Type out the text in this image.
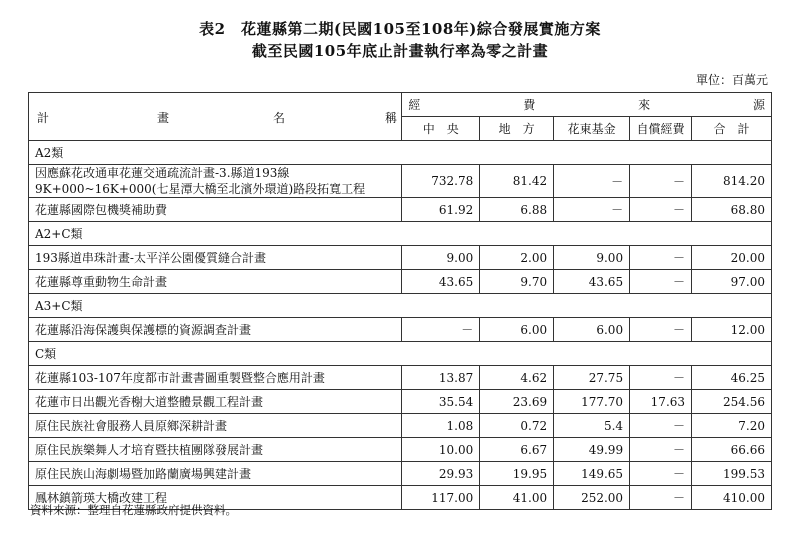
表2　花蓮縣第二期(民國105至108年)綜合發展實施方案
截至民國105年底止計畫執行率為零之計畫
單位：百萬元
計 畫 名 稱	經 費 來 源				

	中　央	地　方	花東基金	自償經費	合　計
A2類					
因應蘇花改通車花蓮交通疏流計畫-3.縣道193線9K+000~16K+000(七星潭大橋至北濱外環道)路段拓寬工程	732.78	81.42	－	－	814.20
花蓮縣國際包機獎補助費	61.92	6.88	－	－	68.80
A2+C類					
193縣道串珠計畫-太平洋公園優質縫合計畫	9.00	2.00	9.00	－	20.00
花蓮縣尊重動物生命計畫	43.65	9.70	43.65	－	97.00
A3+C類					
花蓮縣沿海保護與保護標的資源調查計畫	－	6.00	6.00	－	12.00
C類					
花蓮縣103-107年度都市計畫書圖重製暨整合應用計畫	13.87	4.62	27.75	－	46.25
花蓮市日出觀光香榭大道整體景觀工程計畫	35.54	23.69	177.70	17.63	254.56
原住民族社會服務人員原鄉深耕計畫	1.08	0.72	5.4	－	7.20
原住民族樂舞人才培育暨扶植團隊發展計畫	10.00	6.67	49.99	－	66.66
原住民族山海劇場暨加路蘭廣場興建計畫	29.93	19.95	149.65	－	199.53
鳳林鎮箭瑛大橋改建工程	117.00	41.00	252.00	－	410.00
資料來源：整理自花蓮縣政府提供資料。
